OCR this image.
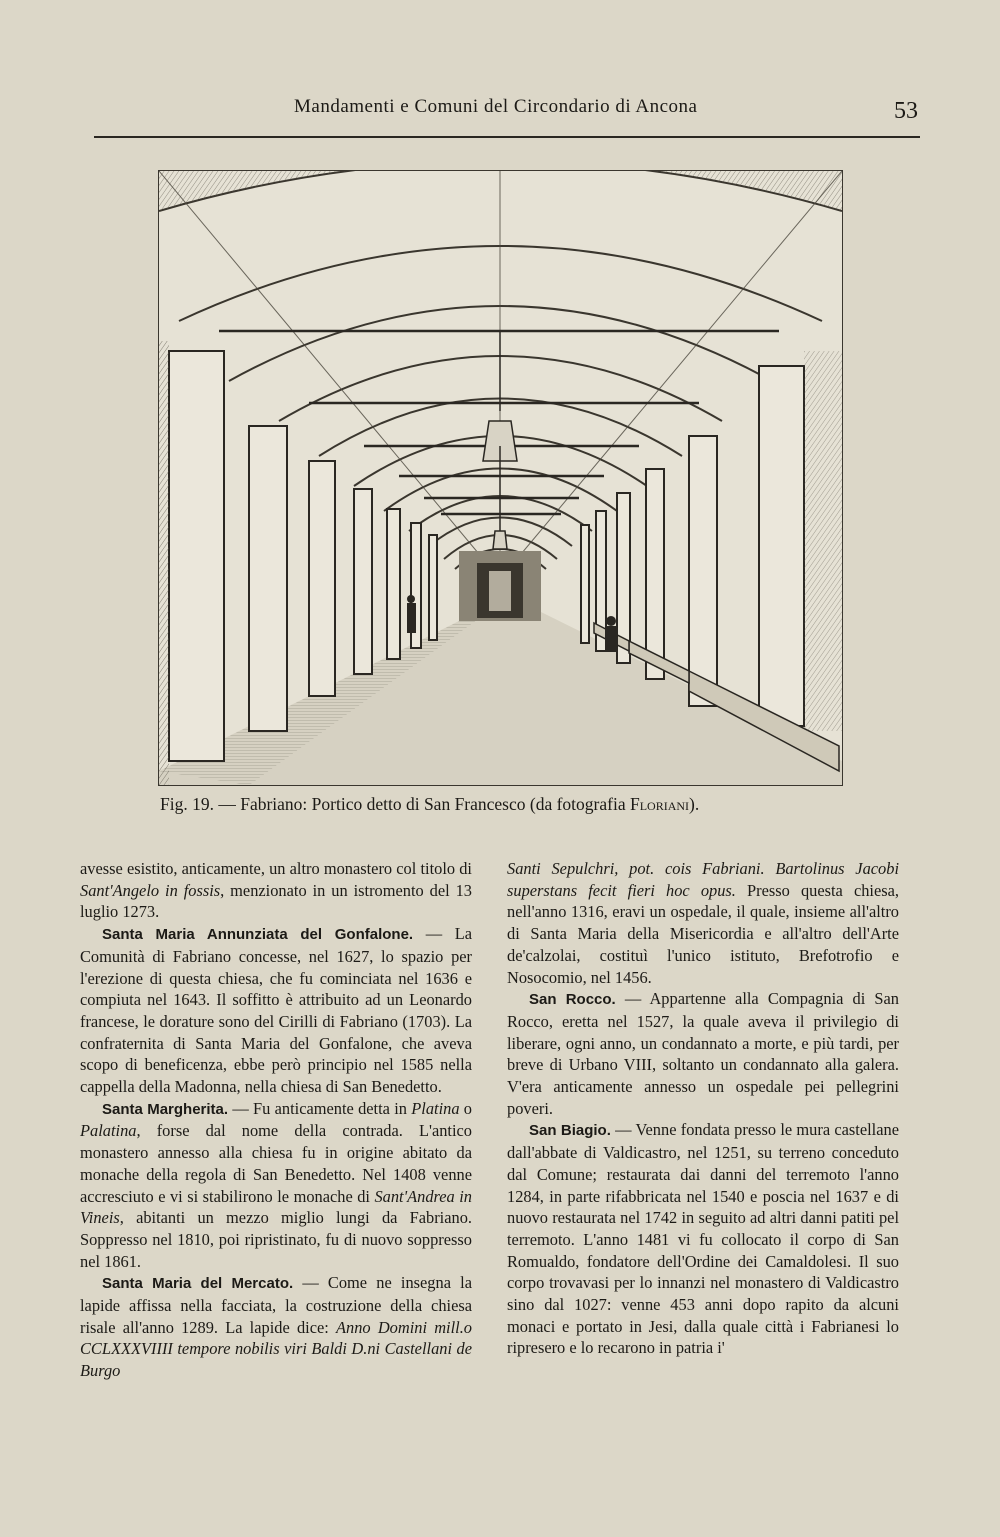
Mandamenti e Comuni del Circondario di Ancona	53
Fig. 19. — Fabriano: Portico detto di San Francesco (da fotografia Floriani).

avesse esistito, anticamente, un altro monastero col titolo di Sant'Angelo in fossis, menzionato in un istromento del 13 luglio 1273.

Santa Maria Annunziata del Gonfalone. — La Comunità di Fabriano concesse, nel 1627, lo spazio per l'erezione di questa chiesa, che fu cominciata nel 1636 e compiuta nel 1643. Il soffitto è attribuito ad un Leonardo francese, le dorature sono del Cirilli di Fabriano (1703). La confraternita di Santa Maria del Gonfalone, che aveva scopo di beneficenza, ebbe però principio nel 1585 nella cappella della Madonna, nella chiesa di San Benedetto.

Santa Margherita. — Fu anticamente detta in Platina o Palatina, forse dal nome della contrada. L'antico monastero annesso alla chiesa fu in origine abitato da monache della regola di San Benedetto. Nel 1408 venne accresciuto e vi si stabilirono le monache di Sant'Andrea in Vineis, abitanti un mezzo miglio lungi da Fabriano. Soppresso nel 1810, poi ripristinato, fu di nuovo soppresso nel 1861.

Santa Maria del Mercato. — Come ne insegna la lapide affissa nella facciata, la costruzione della chiesa risale all'anno 1289. La lapide dice: Anno Domini mill.o CCLXXXVIIII tempore nobilis viri Baldi D.ni Castellani de Burgo

Santi Sepulchri, pot. cois Fabriani. Bartolinus Jacobi superstans fecit fieri hoc opus. Presso questa chiesa, nell'anno 1316, eravi un ospedale, il quale, insieme all'altro di Santa Maria della Misericordia e all'altro dell'Arte de'calzolai, costituì l'unico istituto, Brefotrofio e Nosocomio, nel 1456.

San Rocco. — Appartenne alla Compagnia di San Rocco, eretta nel 1527, la quale aveva il privilegio di liberare, ogni anno, un condannato a morte, e più tardi, per breve di Urbano VIII, soltanto un condannato alla galera. V'era anticamente annesso un ospedale pei pellegrini poveri.

San Biagio. — Venne fondata presso le mura castellane dall'abbate di Valdicastro, nel 1251, su terreno conceduto dal Comune; restaurata dai danni del terremoto l'anno 1284, in parte rifabbricata nel 1540 e poscia nel 1637 e di nuovo restaurata nel 1742 in seguito ad altri danni patiti pel terremoto. L'anno 1481 vi fu collocato il corpo di San Romualdo, fondatore dell'Ordine dei Camaldolesi. Il suo corpo trovavasi per lo innanzi nel monastero di Valdicastro sino dal 1027: venne 453 anni dopo rapito da alcuni monaci e portato in Jesi, dalla quale città i Fabrianesi lo ripresero e lo recarono in patria i'
